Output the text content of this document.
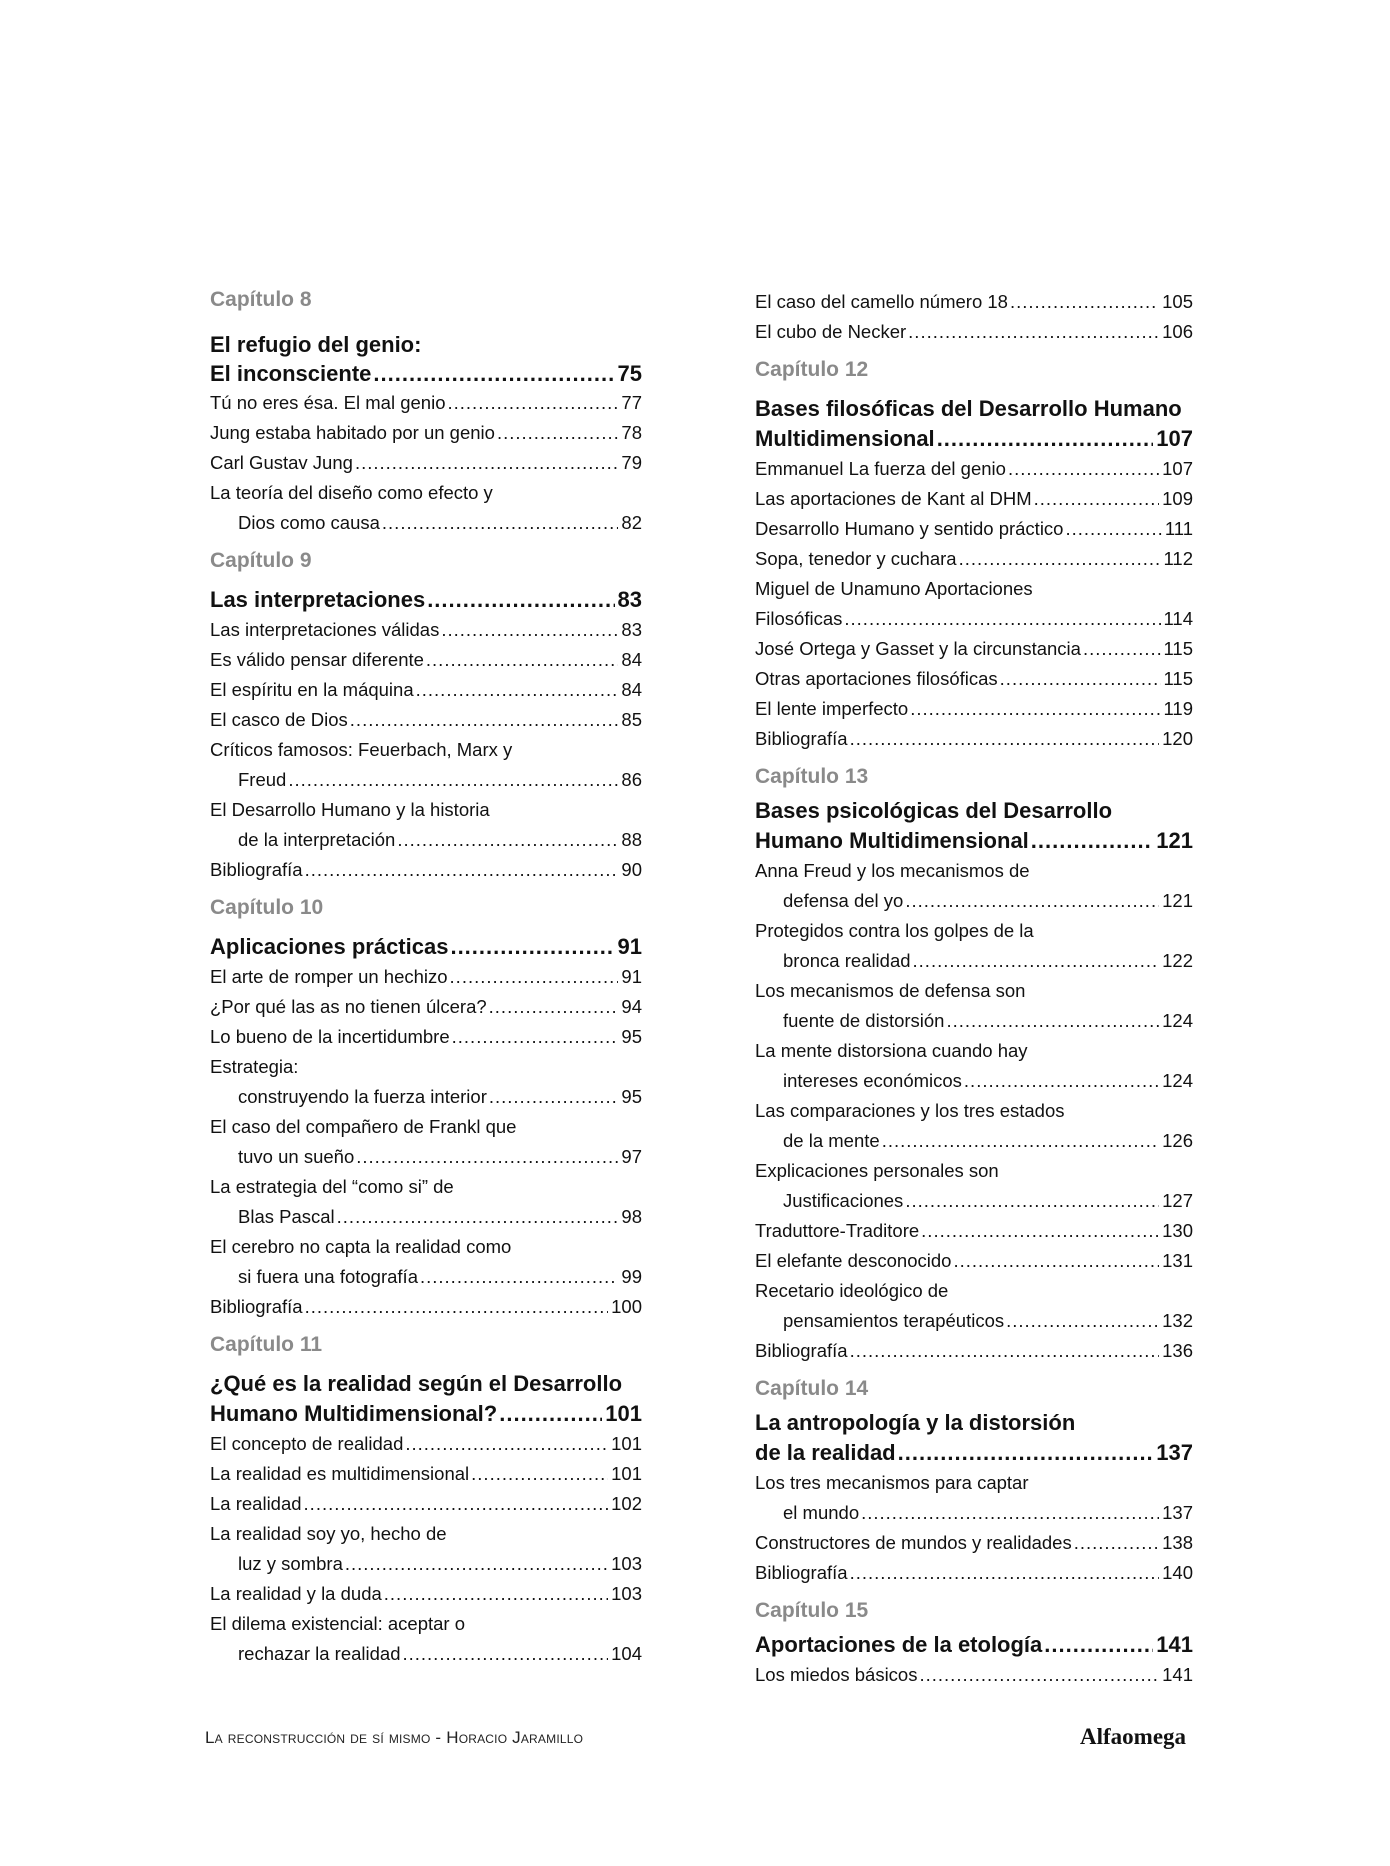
Capítulo 8
El refugio del genio:
El inconsciente .....	75
Tú no eres ésa. El mal genio .....	77
Jung estaba habitado por un genio .....	78
Carl Gustav Jung .....	79
La teoría del diseño como efecto y
Dios como causa .....	82
Capítulo 9
Las interpretaciones .....	83
Las interpretaciones válidas .....	83
Es válido pensar diferente .....	84
El espíritu en la máquina .....	84
El casco de Dios .....	85
Críticos famosos: Feuerbach, Marx y
Freud .....	86
El Desarrollo Humano y la historia
de la interpretación .....	88
Bibliografía .....	90
Capítulo 10
Aplicaciones prácticas .....	91
El arte de romper un hechizo .....	91
¿Por qué las as no tienen úlcera? .....	94
Lo bueno de la incertidumbre .....	95
Estrategia:
construyendo la fuerza interior .....	95
El caso del compañero de Frankl que
tuvo un sueño .....	97
La estrategia del “como si” de
Blas Pascal .....	98
El cerebro no capta la realidad como
si fuera una fotografía .....	99
Bibliografía .....	100
Capítulo 11
¿Qué es la realidad según el Desarrollo
Humano Multidimensional? .....	101
El concepto de realidad .....	101
La realidad es multidimensional .....	101
La realidad .....	102
La realidad soy yo, hecho de
luz y sombra .....	103
La realidad y la duda .....	103
El dilema existencial: aceptar o
rechazar la realidad .....	104
El caso del camello número 18 .....	105
El cubo de Necker .....	106
Capítulo 12
Bases filosóficas del Desarrollo Humano
Multidimensional .....	107
Emmanuel La fuerza del genio .....	107
Las aportaciones de Kant al DHM .....	109
Desarrollo Humano y sentido práctico .....	111
Sopa, tenedor y cuchara .....	112
Miguel de Unamuno Aportaciones
Filosóficas .....	114
José Ortega y Gasset y la circunstancia .....	115
Otras aportaciones filosóficas .....	115
El lente imperfecto .....	119
Bibliografía .....	120
Capítulo 13
Bases psicológicas del Desarrollo
Humano Multidimensional .....	121
Anna Freud y los mecanismos de
defensa del yo .....	121
Protegidos contra los golpes de la
bronca realidad .....	122
Los mecanismos de defensa son
fuente de distorsión .....	124
La mente distorsiona cuando hay
intereses económicos .....	124
Las comparaciones y los tres estados
de la mente .....	126
Explicaciones personales son
Justificaciones .....	127
Traduttore-Traditore .....	130
El elefante desconocido .....	131
Recetario ideológico de
pensamientos terapéuticos .....	132
Bibliografía .....	136
Capítulo 14
La antropología y la distorsión
de la realidad .....	137
Los tres mecanismos para captar
el mundo .....	137
Constructores de mundos y realidades .....	138
Bibliografía .....	140
Capítulo 15
Aportaciones de la etología .....	141
Los miedos básicos .....	141
La reconstrucción de sí mismo - Horacio Jaramillo	Alfaomega
